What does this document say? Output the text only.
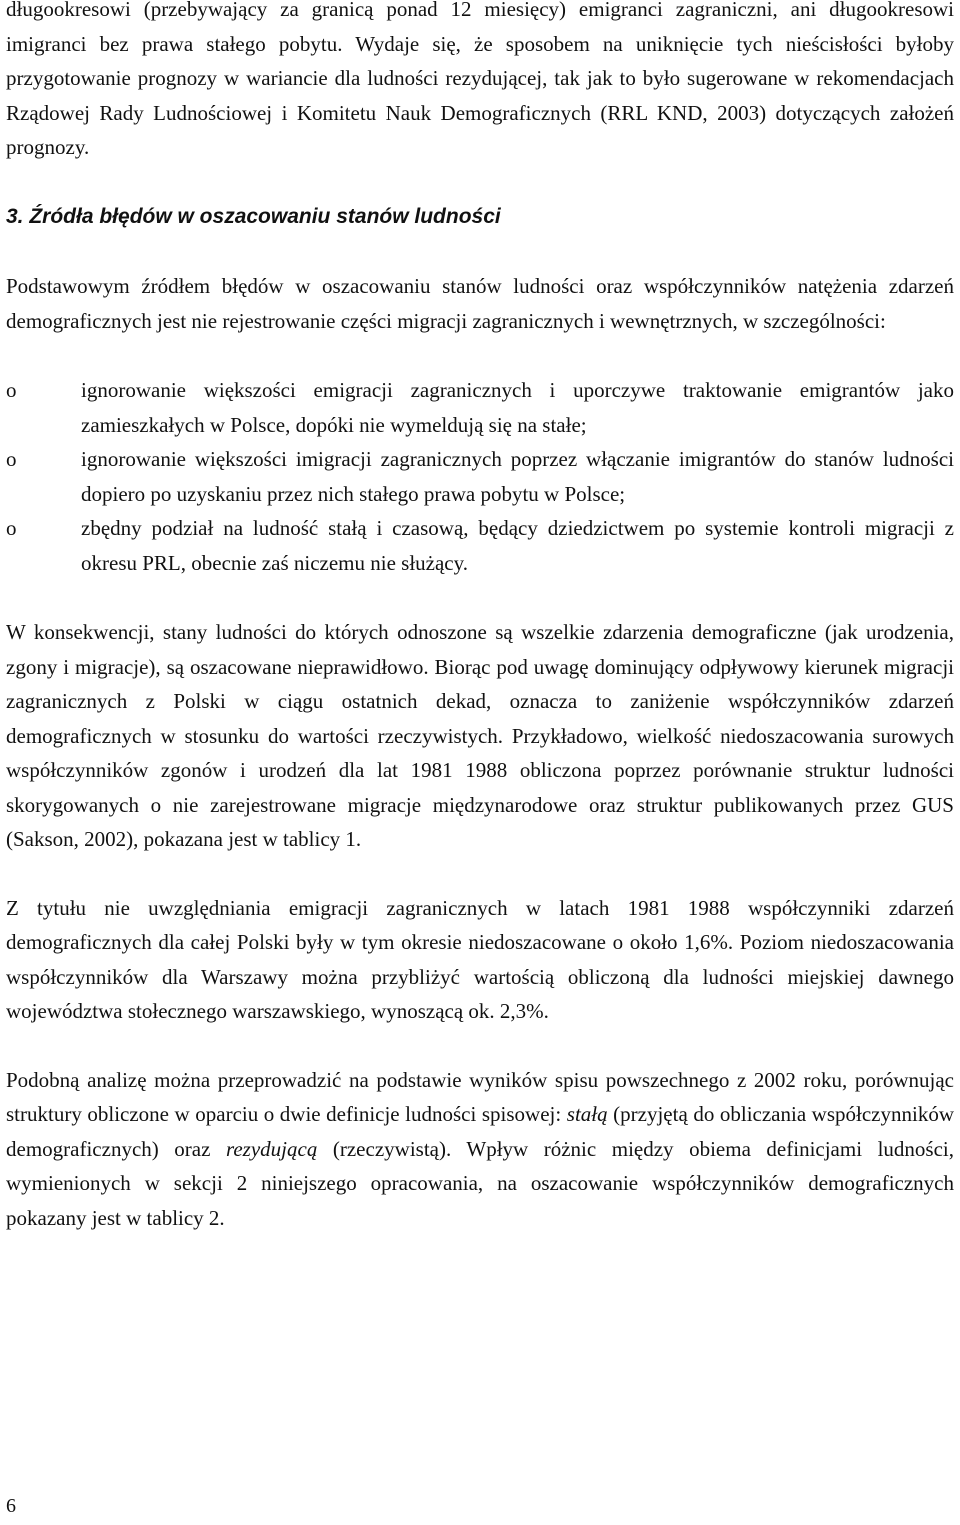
długookresowi (przebywający za granicą ponad 12 miesięcy) emigranci zagraniczni, ani długookresowi imigranci bez prawa stałego pobytu. Wydaje się, że sposobem na uniknięcie tych nieścisłości byłoby przygotowanie prognozy w wariancie dla ludności rezydującej, tak jak to było sugerowane w rekomendacjach Rządowej Rady Ludnościowej i Komitetu Nauk Demograficznych (RRL KND, 2003) dotyczących założeń prognozy.

3. Źródła błędów w oszacowaniu stanów ludności

Podstawowym źródłem błędów w oszacowaniu stanów ludności oraz współczynników natężenia zdarzeń demograficznych jest nie rejestrowanie części migracji zagranicznych i wewnętrznych, w szczególności:

o	ignorowanie większości emigracji zagranicznych i uporczywe traktowanie emigrantów jako zamieszkałych w Polsce, dopóki nie wymeldują się na stałe;
o	ignorowanie większości imigracji zagranicznych poprzez włączanie imigrantów do stanów ludności dopiero po uzyskaniu przez nich stałego prawa pobytu w Polsce;
o	zbędny podział na ludność stałą i czasową, będący dziedzictwem po systemie kontroli migracji z okresu PRL, obecnie zaś niczemu nie służący.

W konsekwencji, stany ludności do których odnoszone są wszelkie zdarzenia demograficzne (jak urodzenia, zgony i migracje), są oszacowane nieprawidłowo. Biorąc pod uwagę dominujący odpływowy kierunek migracji zagranicznych z Polski w ciągu ostatnich dekad, oznacza to zaniżenie współczynników zdarzeń demograficznych w stosunku do wartości rzeczywistych. Przykładowo, wielkość niedoszacowania surowych współczynników zgonów i urodzeń dla lat 1981 1988 obliczona poprzez porównanie struktur ludności skorygowanych o nie zarejestrowane migracje międzynarodowe oraz struktur publikowanych przez GUS (Sakson, 2002), pokazana jest w tablicy 1.

Z tytułu nie uwzględniania emigracji zagranicznych w latach 1981 1988 współczynniki zdarzeń demograficznych dla całej Polski były w tym okresie niedoszacowane o około 1,6%. Poziom niedoszacowania współczynników dla Warszawy można przybliżyć wartością obliczoną dla ludności miejskiej dawnego województwa stołecznego warszawskiego, wynoszącą ok. 2,3%.

Podobną analizę można przeprowadzić na podstawie wyników spisu powszechnego z 2002 roku, porównując struktury obliczone w oparciu o dwie definicje ludności spisowej: stałą (przyjętą do obliczania współczynników demograficznych) oraz rezydującą (rzeczywistą). Wpływ różnic między obiema definicjami ludności, wymienionych w sekcji 2 niniejszego opracowania, na oszacowanie współczynników demograficznych pokazany jest w tablicy 2.

6
